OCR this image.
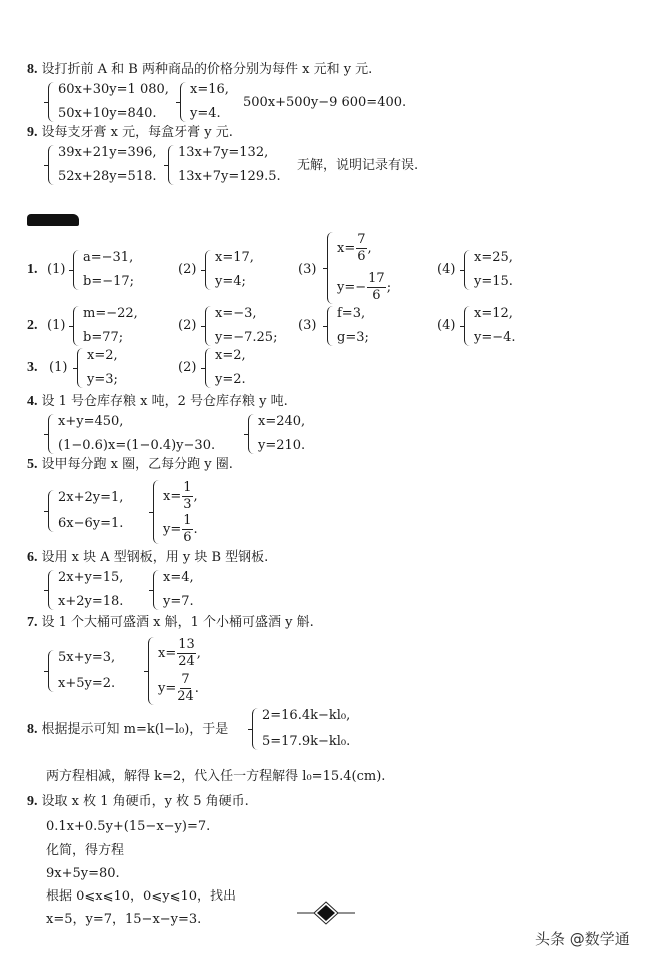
8. 设打折前 A 和 B 两种商品的价格分别为每件 x 元和 y 元.
60x+30y=1 080,
50x+10y=840.
x=16,
y=4.
500x+500y−9 600=400.
9. 设每支牙膏 x 元，每盒牙膏 y 元.
39x+21y=396,
52x+28y=518.
13x+7y=132,
13x+7y=129.5.
无解，说明记录有误.
1. (1)
a=−31,
b=−17;
(2)
x=17,
y=4;
(3)
$x= \frac{7}{6}$ ,
$y=- \frac{17}{6}$ ;
(4)
x=25,
y=15.
2. (1)
m=−22,
b=77;
(2)
x=−3,
y=−7.25;
(3)
f=3,
g=3;
(4)
x=12,
y=−4.
3. (1)
x=2,
y=3;
(2)
x=2,
y=2.
4. 设 1 号仓库存粮 x 吨，2 号仓库存粮 y 吨.
x+y=450,
(1−0.6)x=(1−0.4)y−30.
x=240,
y=210.
5. 设甲每分跑 x 圈，乙每分跑 y 圈.
2x+2y=1,
6x−6y=1.
$x= \frac{1}{3}$ ,
$y= \frac{1}{6}$ .
6. 设用 x 块 A 型钢板，用 y 块 B 型钢板.
2x+y=15,
x+2y=18.
x=4,
y=7.
7. 设 1 个大桶可盛酒 x 斛，1 个小桶可盛酒 y 斛.
5x+y=3,
x+5y=2.
$x= \frac{13}{24}$ ,
$y= \frac{7}{24}$ .
8. 根据提示可知 m=k(l−l₀)，于是
2=16.4k−kl₀,
5=17.9k−kl₀.
两方程相减，解得 k=2，代入任一方程解得 l₀=15.4(cm).
9. 设取 x 枚 1 角硬币，y 枚 5 角硬币.
0.1x+0.5y+(15−x−y)=7.
化简，得方程
9x+5y=80.
根据 0⩽x⩽10，0⩽y⩽10，找出
x=5，y=7，15−x−y=3.
头条 @数学通
